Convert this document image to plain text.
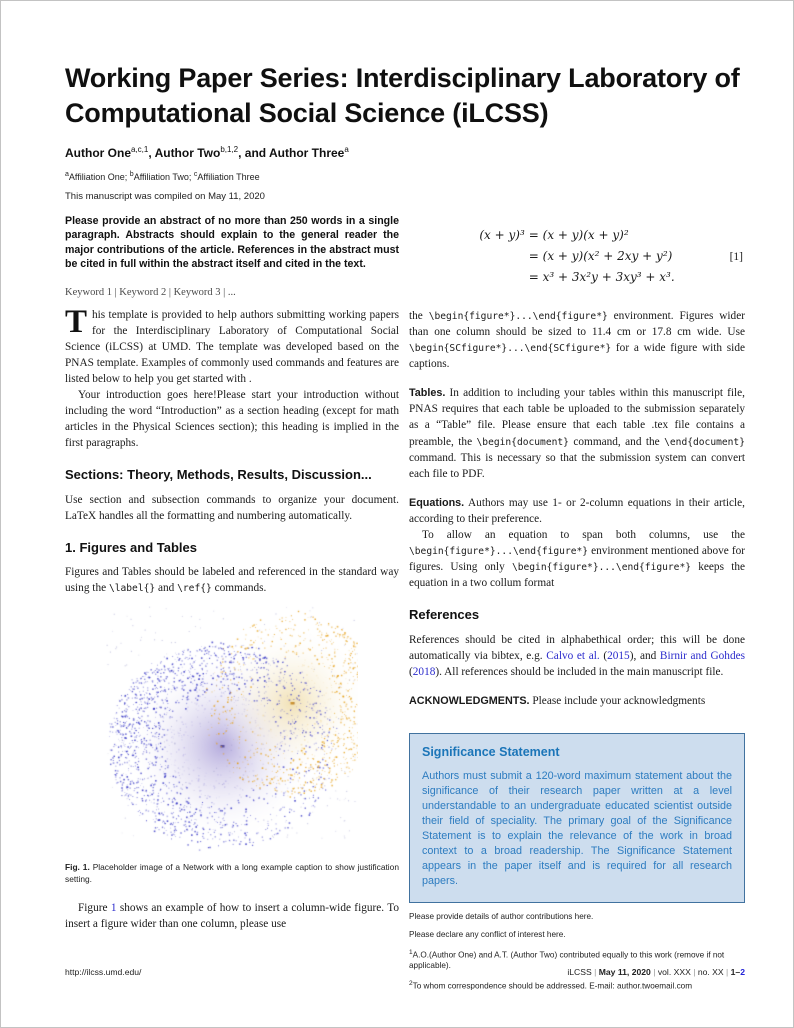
Working Paper Series: Interdisciplinary Laboratory of Computational Social Science (iLCSS)
Author One$^{a,c,1}$, Author Two$^{b,1,2}$, and Author Three$^a$
$^a$Affiliation One; $^b$Affiliation Two; $^c$Affiliation Three
This manuscript was compiled on May 11, 2020
Please provide an abstract of no more than 250 words in a single paragraph. Abstracts should explain to the general reader the major contributions of the article. References in the abstract must be cited in full within the abstract itself and cited in the text.
Keyword 1 | Keyword 2 | Keyword 3 | ...

This template is provided to help authors submitting working papers for the Interdisciplinary Laboratory of Computational Social Science (iLCSS) at UMD. The template was developed based on the PNAS template. Examples of commonly used commands and features are listed below to help you get started with .

Your introduction goes here!Please start your introduction without including the word “Introduction” as a section heading (except for math articles in the Physical Sciences section); this heading is implied in the first paragraphs.

Sections: Theory, Methods, Results, Discussion...

Use section and subsection commands to organize your document. LaTeX handles all the formatting and numbering automatically.

1. Figures and Tables

Figures and Tables should be labeled and referenced in the standard way using the \label{} and \ref{} commands.

Fig. 1. Placeholder image of a Network with a long example caption to show justification setting.

Figure 1 shows an example of how to insert a column-wide figure. To insert a figure wider than one column, please use

(x + y)³ = (x + y)(x + y)²
= (x + y)(x² + 2xy + y²)
= x³ + 3x²y + 3xy³ + x³.
[1]

the \begin{figure*}...\end{figure*} environment. Figures wider than one column should be sized to 11.4 cm or 17.8 cm wide. Use \begin{SCfigure*}...\end{SCfigure*} for a wide figure with side captions.

Tables. In addition to including your tables within this manuscript file, PNAS requires that each table be uploaded to the submission separately as a “Table” file. Please ensure that each table .tex file contains a preamble, the \begin{document} command, and the \end{document} command. This is necessary so that the submission system can convert each file to PDF.

Equations. Authors may use 1- or 2-column equations in their article, according to their preference.

To allow an equation to span both columns, use the \begin{figure*}...\end{figure*} environment mentioned above for figures. Using only \begin{figure*}...\end{figure*} keeps the equation in a two collum format

References

References should be cited in alphabethical order; this will be done automatically via bibtex, e.g. Calvo et al. (2015), and Birnir and Gohdes (2018). All references should be included in the main manuscript file.

ACKNOWLEDGMENTS. Please include your acknowledgments

Significance Statement

Authors must submit a 120-word maximum statement about the significance of their research paper written at a level understandable to an undergraduate educated scientist outside their field of speciality. The primary goal of the Significance Statement is to explain the relevance of the work in broad context to a broad readership. The Significance Statement appears in the paper itself and is required for all research papers.

Please provide details of author contributions here.

Please declare any conflict of interest here.

$^1$A.O.(Author One) and A.T. (Author Two) contributed equally to this work (remove if not applicable).

$^2$To whom correspondence should be addressed. E-mail: author.twoemail.com

http://ilcss.umd.edu/	iLCSS | May 11, 2020 | vol. XXX | no. XX | 1–2
